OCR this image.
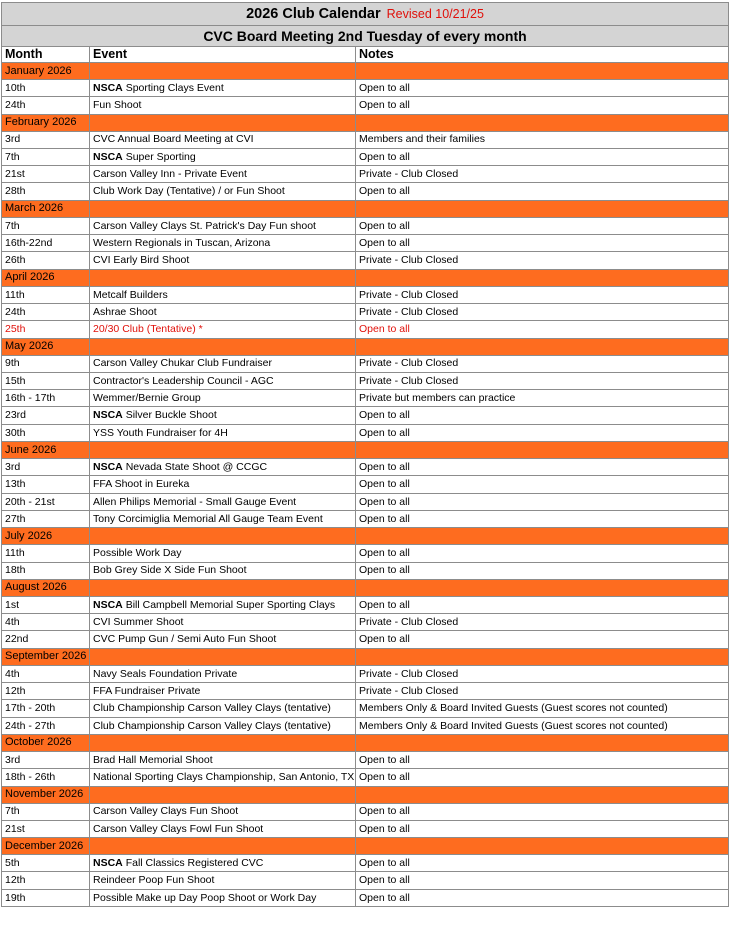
2026 Club Calendar Revised 10/21/25		
CVC Board Meeting 2nd Tuesday of every month		
Month	Event	Notes
January 2026		
10th	NSCA Sporting Clays Event	Open to all
24th	Fun Shoot	Open to all
February 2026		
3rd	CVC Annual Board Meeting at CVI	Members and their families
7th	NSCA Super Sporting	Open to all
21st	Carson Valley Inn - Private Event	Private - Club Closed
28th	Club Work Day (Tentative) / or Fun Shoot	Open to all
March 2026		
7th	Carson Valley Clays St. Patrick's Day Fun shoot	Open to all
16th-22nd	Western Regionals in Tuscan, Arizona	Open to all
26th	CVI Early Bird Shoot	Private - Club Closed
April 2026		
11th	Metcalf Builders	Private - Club Closed
24th	Ashrae Shoot	Private - Club Closed
25th	20/30 Club (Tentative) *	Open to all
May 2026		
9th	Carson Valley Chukar Club Fundraiser	Private - Club Closed
15th	Contractor's Leadership Council - AGC	Private - Club Closed
16th - 17th	Wemmer/Bernie Group	Private but members can practice
23rd	NSCA Silver Buckle Shoot	Open to all
30th	YSS Youth Fundraiser for 4H	Open to all
June 2026		
3rd	NSCA Nevada State Shoot @ CCGC	Open to all
13th	FFA Shoot in Eureka	Open to all
20th - 21st	Allen Philips Memorial - Small Gauge Event	Open to all
27th	Tony Corcimiglia Memorial All Gauge Team Event	Open to all
July 2026		
11th	Possible Work Day	Open to all
18th	Bob Grey Side X Side Fun Shoot	Open to all
August 2026		
1st	NSCA Bill Campbell Memorial Super Sporting Clays	Open to all
4th	CVI Summer Shoot	Private - Club Closed
22nd	CVC Pump Gun / Semi Auto Fun Shoot	Open to all
September 2026		
4th	Navy Seals Foundation Private	Private - Club Closed
12th	FFA Fundraiser Private	Private - Club Closed
17th - 20th	Club Championship Carson Valley Clays (tentative)	Members Only & Board Invited Guests (Guest scores not counted)
24th - 27th	Club Championship Carson Valley Clays (tentative)	Members Only & Board Invited Guests (Guest scores not counted)
October 2026		
3rd	Brad Hall Memorial Shoot	Open to all
18th - 26th	National Sporting Clays Championship, San Antonio, TX	Open to all
November 2026		
7th	Carson Valley Clays Fun Shoot	Open to all
21st	Carson Valley Clays Fowl Fun Shoot	Open to all
December 2026		
5th	NSCA Fall Classics Registered CVC	Open to all
12th	Reindeer Poop Fun Shoot	Open to all
19th	Possible Make up Day Poop Shoot or Work Day	Open to all
